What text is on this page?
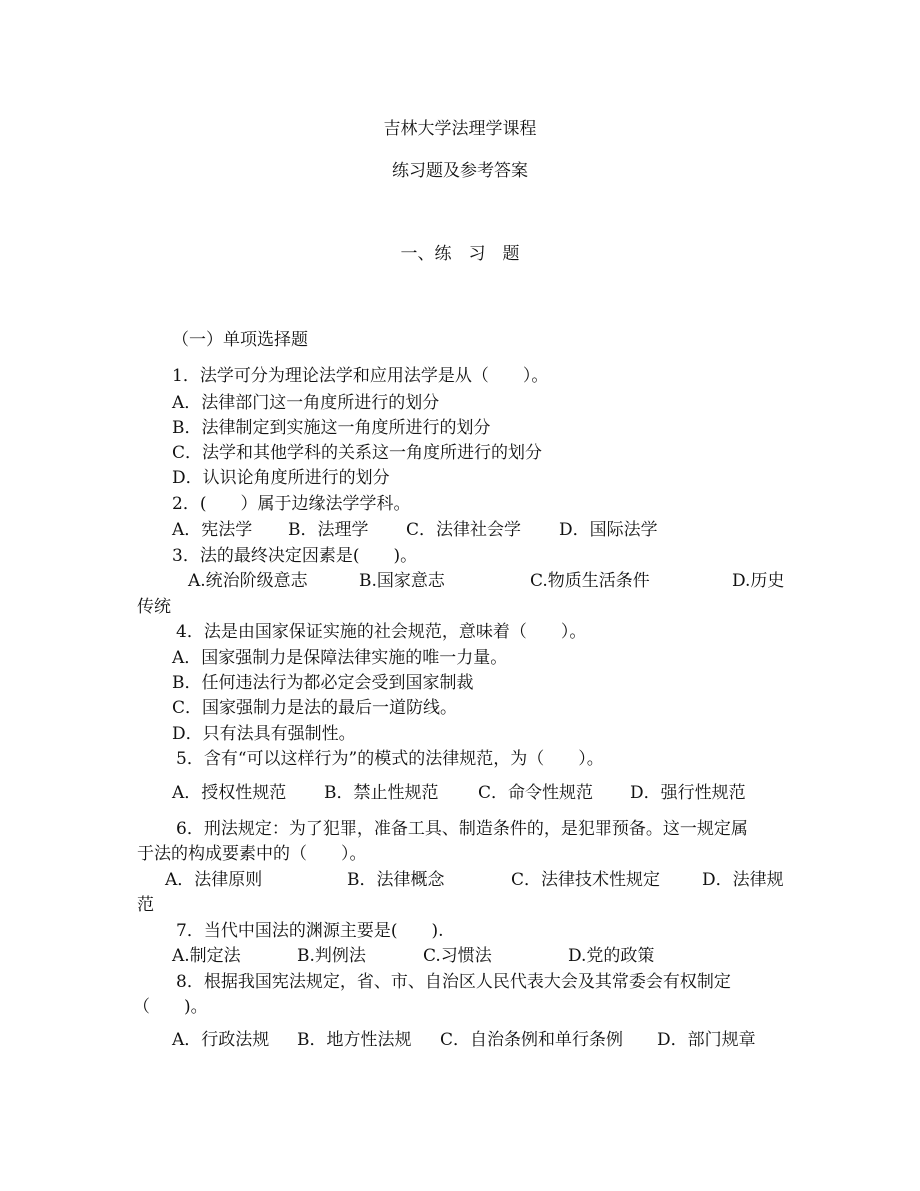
吉林大学法理学课程

练习题及参考答案

一、练　习　题

（一）单项选择题

1．法学可分为理论法学和应用法学是从（　　）。

A．法律部门这一角度所进行的划分

B．法律制定到实施这一角度所进行的划分

C．法学和其他学科的关系这一角度所进行的划分

D．认识论角度所进行的划分

2．(　　）属于边缘法学学科。

A．宪法学 B．法理学 C．法律社会学 D．国际法学

3．法的最终决定因素是(　　)。

A.统治阶级意志	B.国家意志	C.物质生活条件	D.历史

传统

4．法是由国家保证实施的社会规范，意味着（　　）。

A．国家强制力是保障法律实施的唯一力量。

B．任何违法行为都必定会受到国家制裁

C．国家强制力是法的最后一道防线。

D．只有法具有强制性。

5．含有“可以这样行为”的模式的法律规范，为（　　）。

A．授权性规范 B．禁止性规范 C．命令性规范 D．强行性规范

6．刑法规定：为了犯罪，准备工具、制造条件的，是犯罪预备。这一规定属

于法的构成要素中的（　　）。

A．法律原则	B．法律概念	C．法律技术性规定 D．法律规

范

7．当代中国法的渊源主要是(　　).

A.制定法	B.判例法	C.习惯法	D.党的政策

8．根据我国宪法规定，省、市、自治区人民代表大会及其常委会有权制定

（　　)。

A．行政法规 B．地方性法规 C．自治条例和单行条例 D．部门规章
